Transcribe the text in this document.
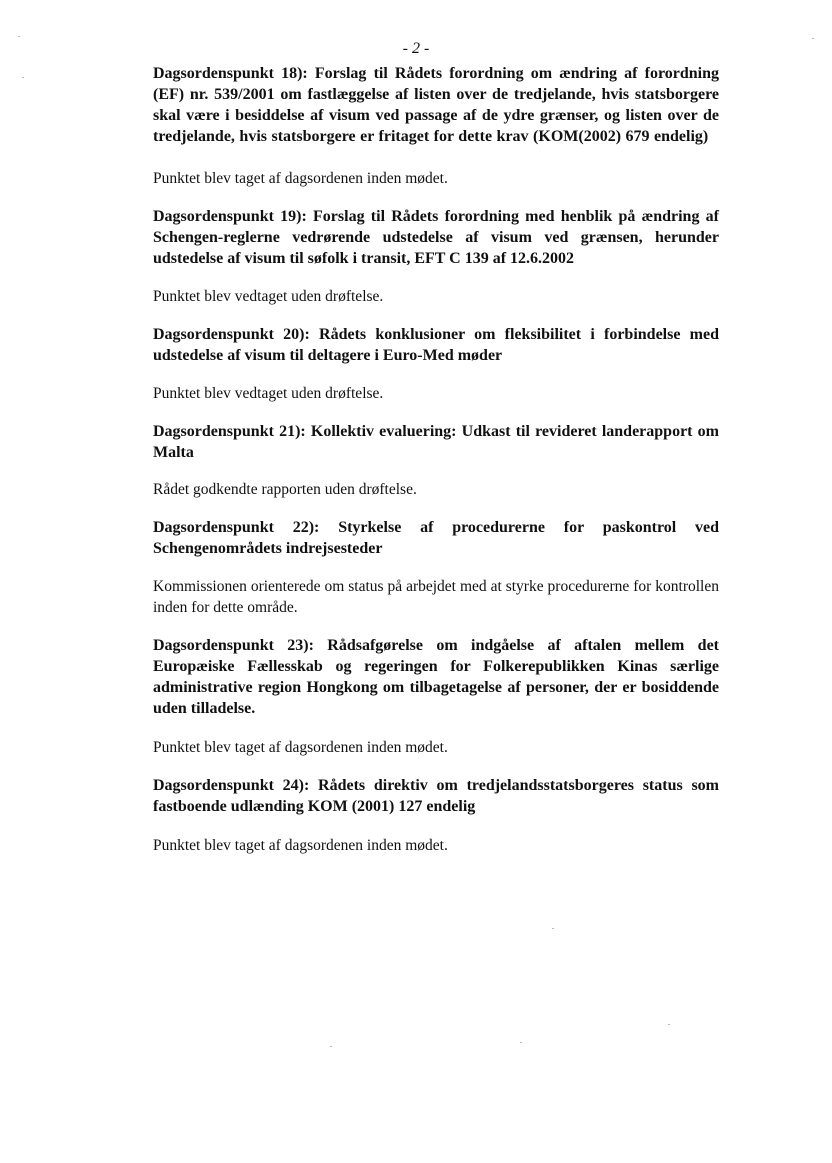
- 2 -

Dagsordenspunkt 18): Forslag til Rådets forordning om ændring af forordning (EF) nr. 539/2001 om fastlæggelse af listen over de tredjelande, hvis statsborgere skal være i besiddelse af visum ved passage af de ydre grænser, og listen over de tredjelande, hvis statsborgere er fritaget for dette krav (KOM(2002) 679 endelig)

Punktet blev taget af dagsordenen inden mødet.

Dagsordenspunkt 19): Forslag til Rådets forordning med henblik på ændring af Schengen-reglerne vedrørende udstedelse af visum ved grænsen, herunder udstedelse af visum til søfolk i transit, EFT C 139 af 12.6.2002

Punktet blev vedtaget uden drøftelse.

Dagsordenspunkt 20): Rådets konklusioner om fleksibilitet i forbindelse med udstedelse af visum til deltagere i Euro-Med møder

Punktet blev vedtaget uden drøftelse.

Dagsordenspunkt 21): Kollektiv evaluering: Udkast til revideret landerapport om Malta

Rådet godkendte rapporten uden drøftelse.

Dagsordenspunkt 22): Styrkelse af procedurerne for paskontrol ved Schengenområdets indrejsesteder

Kommissionen orienterede om status på arbejdet med at styrke procedurerne for kontrollen inden for dette område.

Dagsordenspunkt 23): Rådsafgørelse om indgåelse af aftalen mellem det Europæiske Fællesskab og regeringen for Folkerepublikken Kinas særlige administrative region Hongkong om tilbagetagelse af personer, der er bosiddende uden tilladelse.

Punktet blev taget af dagsordenen inden mødet.

Dagsordenspunkt 24): Rådets direktiv om tredjelandsstatsborgeres status som fastboende udlænding KOM (2001) 127 endelig

Punktet blev taget af dagsordenen inden mødet.
